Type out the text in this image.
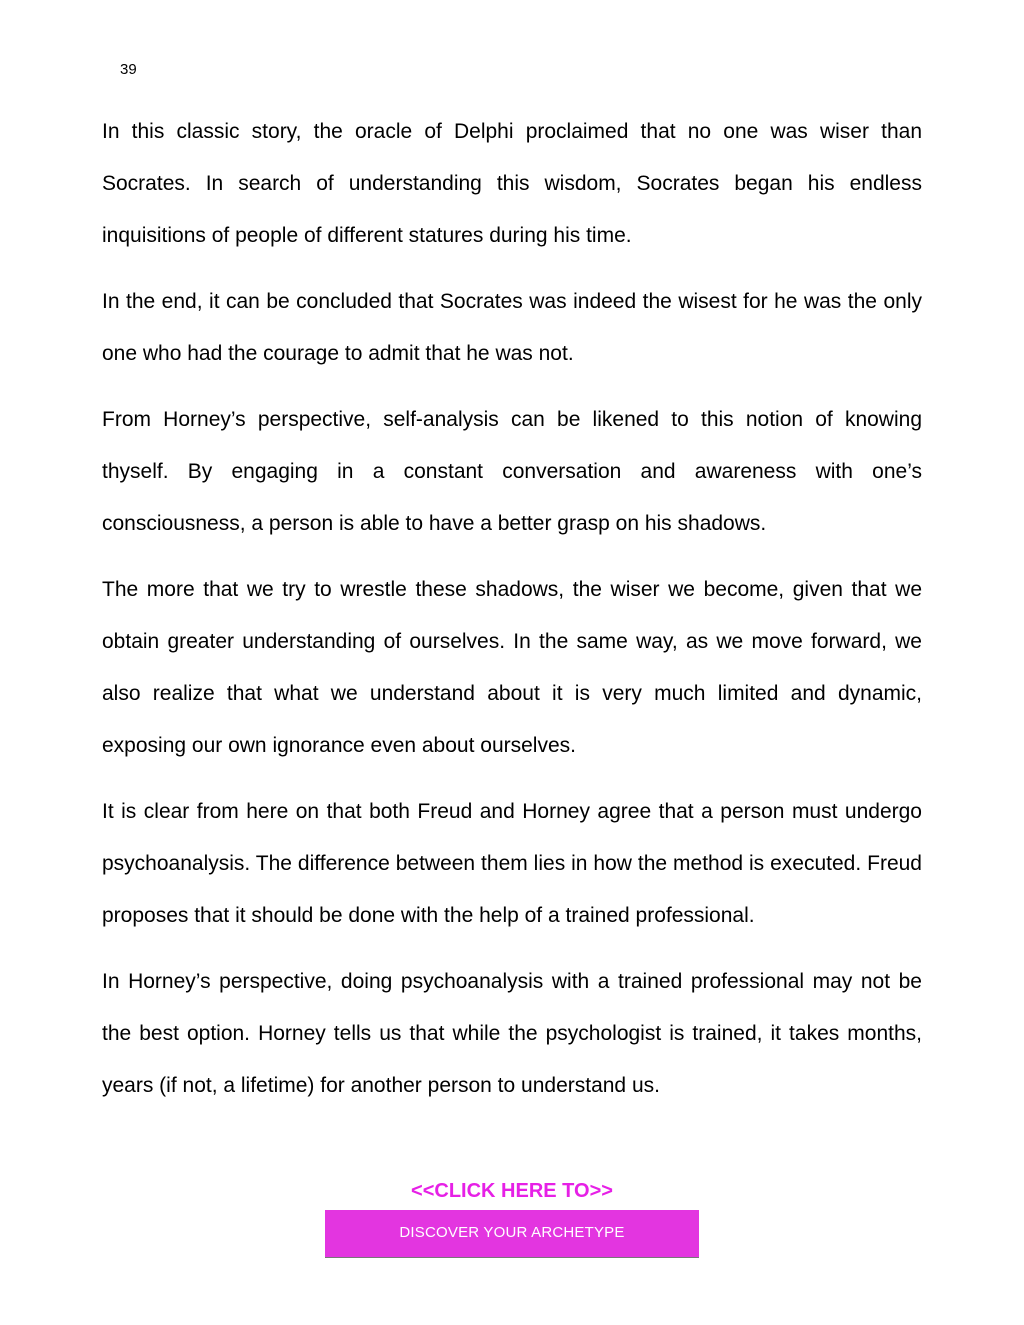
39

In this classic story, the oracle of Delphi proclaimed that no one was wiser than Socrates. In search of understanding this wisdom, Socrates began his endless inquisitions of people of different statures during his time.

In the end, it can be concluded that Socrates was indeed the wisest for he was the only one who had the courage to admit that he was not.

From Horney’s perspective, self-analysis can be likened to this notion of knowing thyself. By engaging in a constant conversation and awareness with one’s consciousness, a person is able to have a better grasp on his shadows.

The more that we try to wrestle these shadows, the wiser we become, given that we obtain greater understanding of ourselves. In the same way, as we move forward, we also realize that what we understand about it is very much limited and dynamic, exposing our own ignorance even about ourselves.

It is clear from here on that both Freud and Horney agree that a person must undergo psychoanalysis. The difference between them lies in how the method is executed. Freud proposes that it should be done with the help of a trained professional.

In Horney’s perspective, doing psychoanalysis with a trained professional may not be the best option. Horney tells us that while the psychologist is trained, it takes months, years (if not, a lifetime) for another person to understand us.

<<CLICK HERE TO>>
DISCOVER YOUR ARCHETYPE
